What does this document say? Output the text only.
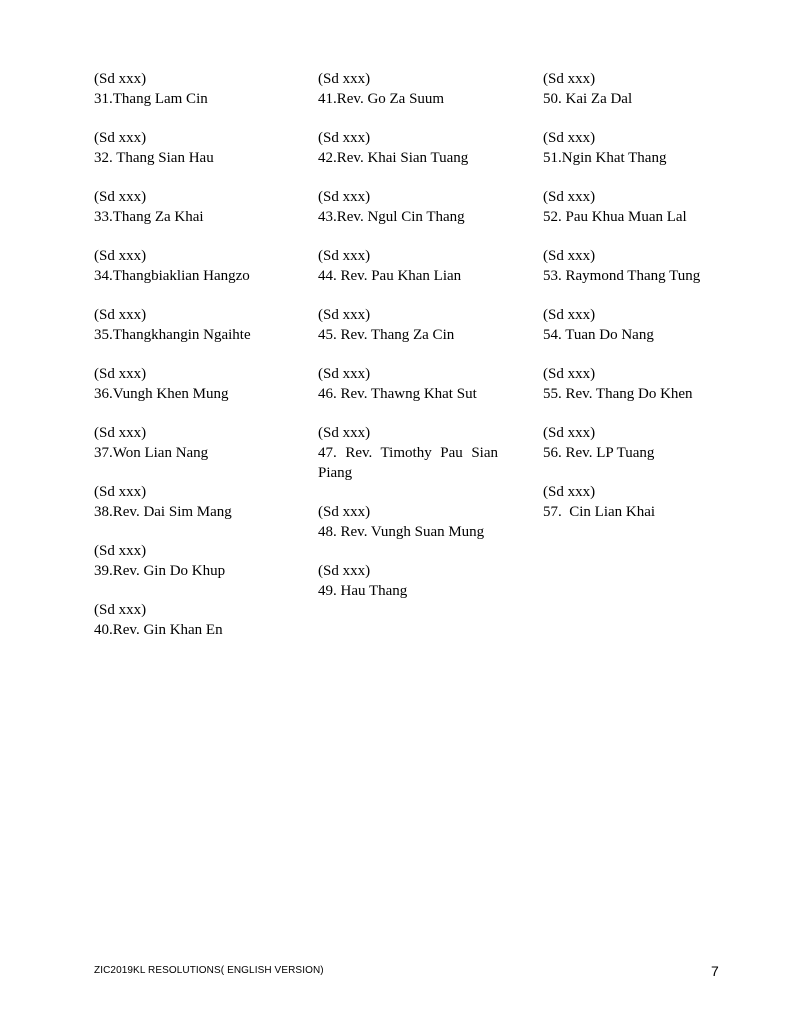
(Sd xxx)
31.Thang Lam Cin
(Sd xxx)
32. Thang Sian Hau
(Sd xxx)
33.Thang Za Khai
(Sd xxx)
34.Thangbiaklian Hangzo
(Sd xxx)
35.Thangkhangin Ngaihte
(Sd xxx)
36.Vungh Khen Mung
(Sd xxx)
37.Won Lian Nang
(Sd xxx)
38.Rev. Dai Sim Mang
(Sd xxx)
39.Rev. Gin Do Khup
(Sd xxx)
40.Rev. Gin Khan En
(Sd xxx)
41.Rev. Go Za Suum
(Sd xxx)
42.Rev. Khai Sian Tuang
(Sd xxx)
43.Rev. Ngul Cin Thang
(Sd xxx)
44. Rev. Pau Khan Lian
(Sd xxx)
45. Rev. Thang Za Cin
(Sd xxx)
46. Rev. Thawng Khat Sut
(Sd xxx)
47. Rev. Timothy Pau Sian Piang
(Sd xxx)
48. Rev. Vungh Suan Mung
(Sd xxx)
49. Hau Thang
(Sd xxx)
50. Kai Za Dal
(Sd xxx)
51.Ngin Khat Thang
(Sd xxx)
52. Pau Khua Muan Lal
(Sd xxx)
53. Raymond Thang Tung
(Sd xxx)
54. Tuan Do Nang
(Sd xxx)
55. Rev. Thang Do Khen
(Sd xxx)
56. Rev. LP Tuang
(Sd xxx)
57.  Cin Lian Khai
ZIC2019KL RESOLUTIONS( ENGLISH VERSION)	7
